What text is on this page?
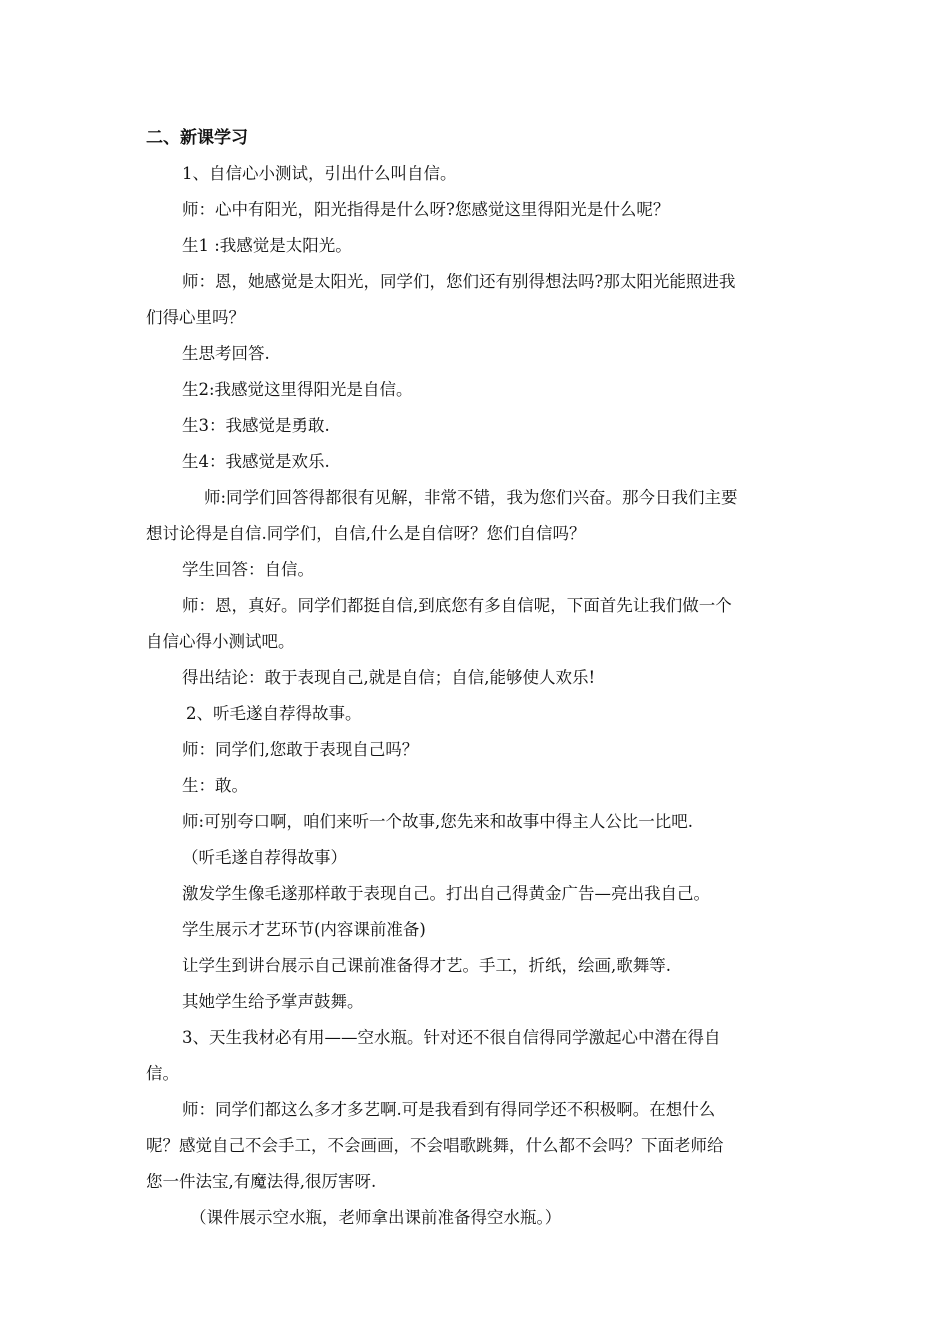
二、新课学习
1、自信心小测试，引出什么叫自信。
师：心中有阳光，阳光指得是什么呀?您感觉这里得阳光是什么呢？
生1 :我感觉是太阳光。
师：恩，她感觉是太阳光，同学们，您们还有别得想法吗?那太阳光能照进我
们得心里吗？
生思考回答.
生2:我感觉这里得阳光是自信。
生3：我感觉是勇敢.
生4：我感觉是欢乐.
师:同学们回答得都很有见解，非常不错，我为您们兴奋。那今日我们主要
想讨论得是自信.同学们，自信,什么是自信呀？您们自信吗？
学生回答：自信。
师：恩，真好。同学们都挺自信,到底您有多自信呢，下面首先让我们做一个
自信心得小测试吧。
得出结论：敢于表现自己,就是自信；自信,能够使人欢乐!
2、听毛遂自荐得故事。
师：同学们,您敢于表现自己吗？
生：敢。
师:可别夸口啊，咱们来听一个故事,您先来和故事中得主人公比一比吧.
（听毛遂自荐得故事）
激发学生像毛遂那样敢于表现自己。打出自己得黄金广告—亮出我自己。
学生展示才艺环节(内容课前准备)
让学生到讲台展示自己课前准备得才艺。手工，折纸，绘画,歌舞等.
其她学生给予掌声鼓舞。
3、天生我材必有用——空水瓶。针对还不很自信得同学激起心中潜在得自
信。
师：同学们都这么多才多艺啊.可是我看到有得同学还不积极啊。在想什么
呢？感觉自己不会手工，不会画画，不会唱歌跳舞，什么都不会吗？下面老师给
您一件法宝,有魔法得,很厉害呀.
（课件展示空水瓶，老师拿出课前准备得空水瓶。）
